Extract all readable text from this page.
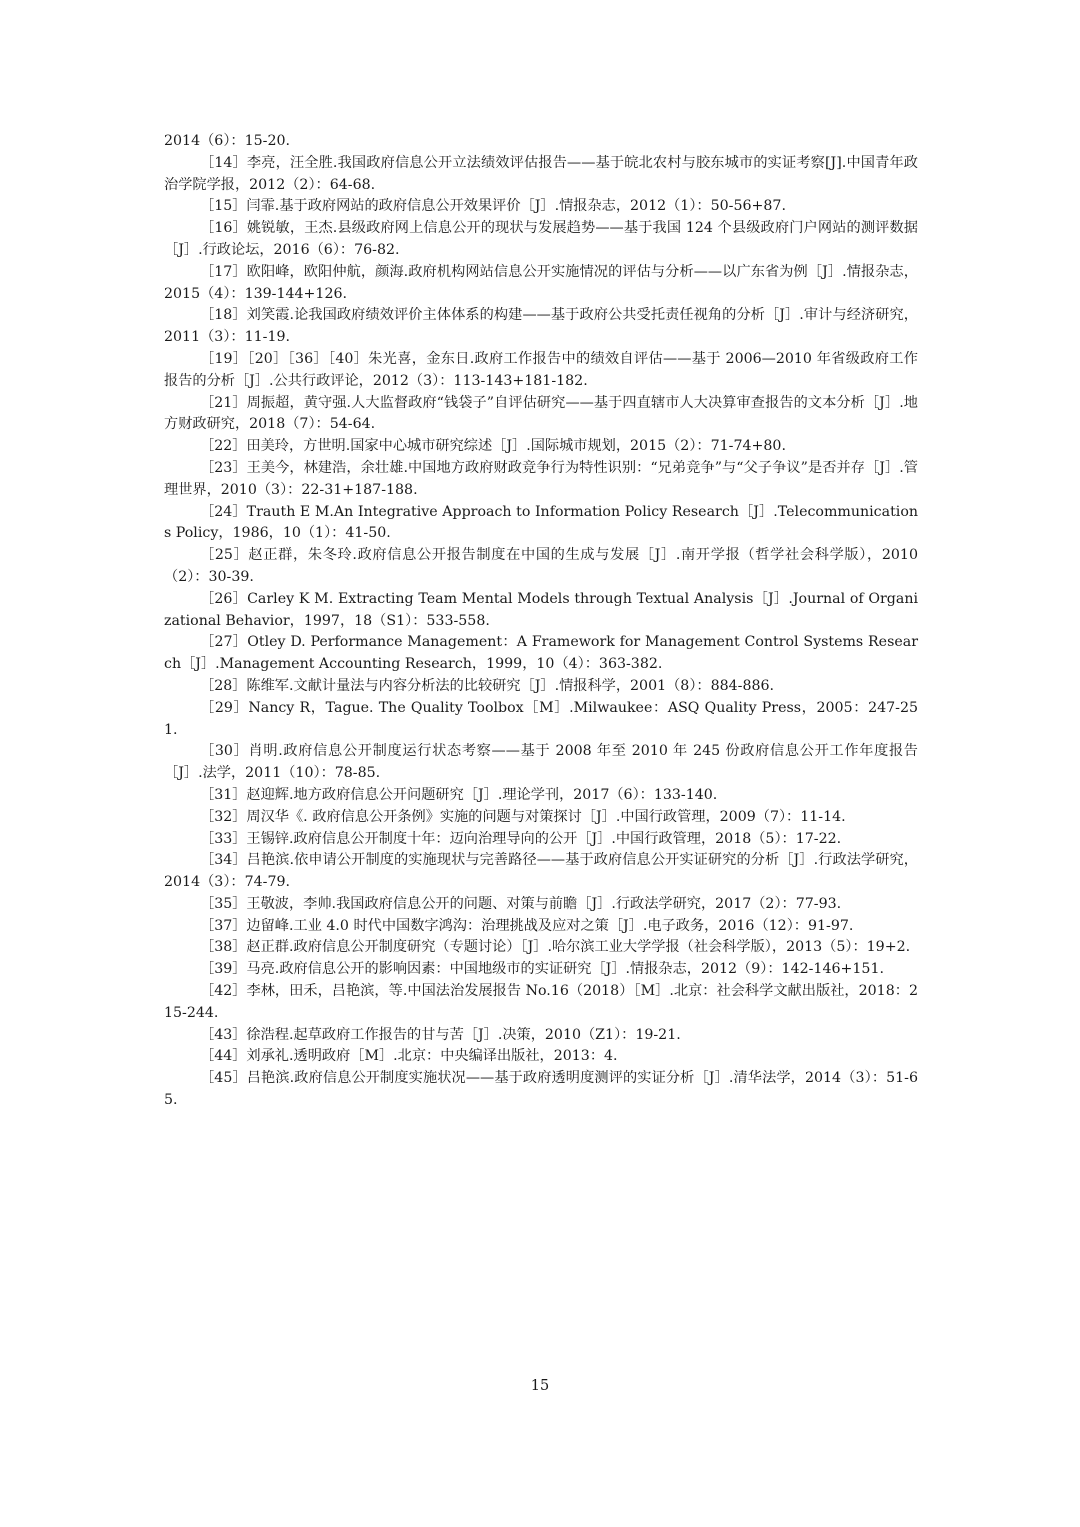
2014（6）：15-20.

［14］李亮，汪全胜.我国政府信息公开立法绩效评估报告——基于皖北农村与胶东城市的实证考察[J].中国青年政治学院学报，2012（2）：64-68.

［15］闫霏.基于政府网站的政府信息公开效果评价［J］.情报杂志，2012（1）：50-56+87.

［16］姚锐敏，王杰.县级政府网上信息公开的现状与发展趋势——基于我国 124 个县级政府门户网站的测评数据［J］.行政论坛，2016（6）：76-82.

［17］欧阳峰，欧阳仲航，颜海.政府机构网站信息公开实施情况的评估与分析——以广东省为例［J］.情报杂志，2015（4）：139-144+126.

［18］刘笑霞.论我国政府绩效评价主体体系的构建——基于政府公共受托责任视角的分析［J］.审计与经济研究，2011（3）：11-19.

［19］［20］［36］［40］朱光喜，金东日.政府工作报告中的绩效自评估——基于 2006—2010 年省级政府工作报告的分析［J］.公共行政评论，2012（3）：113-143+181-182.

［21］周振超，黄守强.人大监督政府“钱袋子”自评估研究——基于四直辖市人大决算审查报告的文本分析［J］.地方财政研究，2018（7）：54-64.

［22］田美玲，方世明.国家中心城市研究综述［J］.国际城市规划，2015（2）：71-74+80.

［23］王美今，林建浩，余壮雄.中国地方政府财政竞争行为特性识别：“兄弟竞争”与“父子争议”是否并存［J］.管理世界，2010（3）：22-31+187-188.

［24］Trauth E M.An Integrative Approach to Information Policy Research［J］.Telecommunications Policy，1986，10（1）：41-50.

［25］赵正群，朱冬玲.政府信息公开报告制度在中国的生成与发展［J］.南开学报（哲学社会科学版），2010（2）：30-39.

［26］Carley K M. Extracting Team Mental Models through Textual Analysis［J］.Journal of Organizational Behavior，1997，18（S1）：533-558.

［27］Otley D. Performance Management：A Framework for Management Control Systems Research［J］.Management Accounting Research，1999，10（4）：363-382.

［28］陈维军.文献计量法与内容分析法的比较研究［J］.情报科学，2001（8）：884-886.

［29］Nancy R，Tague. The Quality Toolbox［M］.Milwaukee：ASQ Quality Press，2005：247-251.

［30］肖明.政府信息公开制度运行状态考察——基于 2008 年至 2010 年 245 份政府信息公开工作年度报告［J］.法学，2011（10）：78-85.

［31］赵迎辉.地方政府信息公开问题研究［J］.理论学刊，2017（6）：133-140.

［32］周汉华《. 政府信息公开条例》实施的问题与对策探讨［J］.中国行政管理，2009（7）：11-14.

［33］王锡锌.政府信息公开制度十年：迈向治理导向的公开［J］.中国行政管理，2018（5）：17-22.

［34］吕艳滨.依申请公开制度的实施现状与完善路径——基于政府信息公开实证研究的分析［J］.行政法学研究，2014（3）：74-79.

［35］王敬波，李帅.我国政府信息公开的问题、对策与前瞻［J］.行政法学研究，2017（2）：77-93.

［37］边留峰.工业 4.0 时代中国数字鸿沟：治理挑战及应对之策［J］.电子政务，2016（12）：91-97.

［38］赵正群.政府信息公开制度研究（专题讨论）［J］.哈尔滨工业大学学报（社会科学版），2013（5）：19+2.

［39］马亮.政府信息公开的影响因素：中国地级市的实证研究［J］.情报杂志，2012（9）：142-146+151.

［42］李林，田禾，吕艳滨，等.中国法治发展报告 No.16（2018）［M］.北京：社会科学文献出版社，2018：215-244.

［43］徐浩程.起草政府工作报告的甘与苦［J］.决策，2010（Z1）：19-21.

［44］刘承礼.透明政府［M］.北京：中央编译出版社，2013：4.

［45］吕艳滨.政府信息公开制度实施状况——基于政府透明度测评的实证分析［J］.清华法学，2014（3）：51-65.

15
